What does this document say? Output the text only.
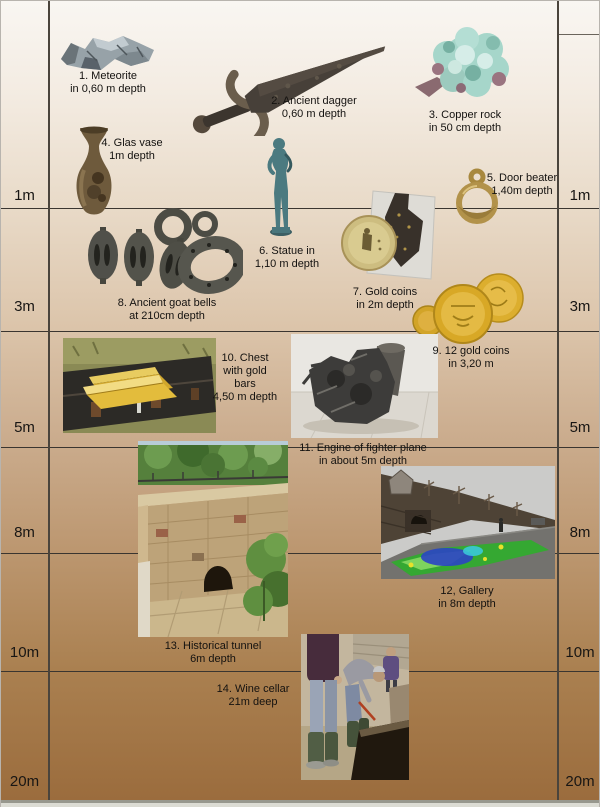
1m
3m
5m
8m
10m
20m
1m
3m
5m
8m
10m
20m
1. Meteorite
in 0,60 m depth
2. Ancient dagger
0,60 m depth	3. Copper rock
in 50 cm depth
4. Glas vase
1m depth
5. Door beater
1,40m depth
6. Statue in
1,10 m depth
7. Gold coins
in 2m depth
8. Ancient goat bells
at 210cm depth
9. 12 gold coins
in 3,20 m
10. Chest
with gold
bars
4,50 m depth
11. Engine of fighter plane
in about 5m depth
12, Gallery
in 8m depth
13. Historical tunnel
6m depth
14. Wine cellar
21m deep
